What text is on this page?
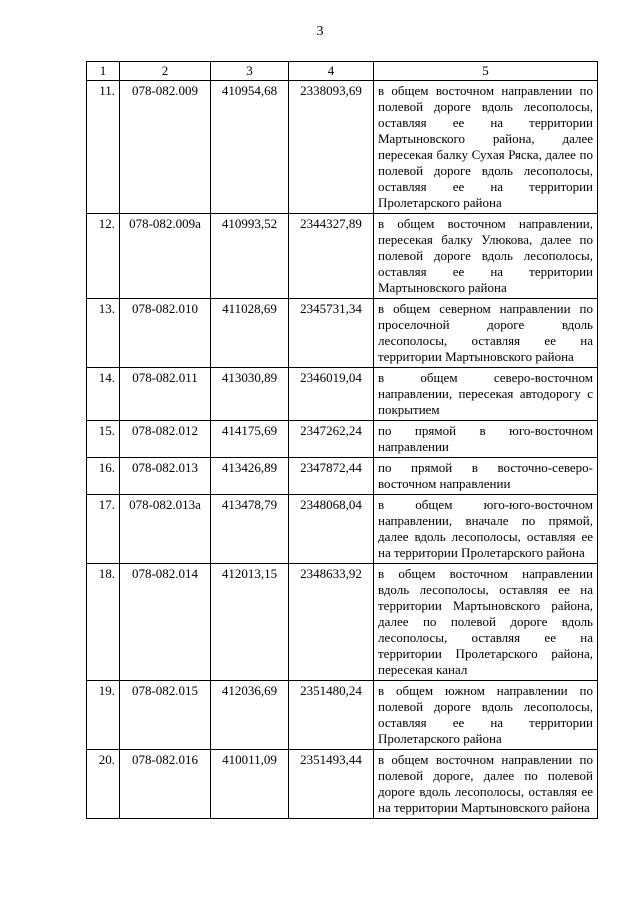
3
1	2	3	4	5
11.	078-082.009	410954,68	2338093,69	в общем восточном направлении по полевой дороге вдоль лесополосы, оставляя ее на территории Мартыновского района, далее пересекая балку Сухая Ряска, далее по полевой дороге вдоль лесополосы, оставляя ее на территории Пролетарского района
12.	078-082.009а	410993,52	2344327,89	в общем восточном направлении, пересекая балку Улюкова, далее по полевой дороге вдоль лесополосы, оставляя ее на территории Мартыновского района
13.	078-082.010	411028,69	2345731,34	в общем северном направлении по проселочной дороге вдоль лесополосы, оставляя ее на территории Мартыновского района
14.	078-082.011	413030,89	2346019,04	в общем северо-восточном направлении, пересекая автодорогу с покрытием
15.	078-082.012	414175,69	2347262,24	по прямой в юго-восточном направлении
16.	078-082.013	413426,89	2347872,44	по прямой в восточно-северо-восточном направлении
17.	078-082.013а	413478,79	2348068,04	в общем юго-юго-восточном направлении, вначале по прямой, далее вдоль лесополосы, оставляя ее на территории Пролетарского района
18.	078-082.014	412013,15	2348633,92	в общем восточном направлении вдоль лесополосы, оставляя ее на территории Мартыновского района, далее по полевой дороге вдоль лесополосы, оставляя ее на территории Пролетарского района, пересекая канал
19.	078-082.015	412036,69	2351480,24	в общем южном направлении по полевой дороге вдоль лесополосы, оставляя ее на территории Пролетарского района
20.	078-082.016	410011,09	2351493,44	в общем восточном направлении по полевой дороге, далее по полевой дороге вдоль лесополосы, оставляя ее на территории Мартыновского района
